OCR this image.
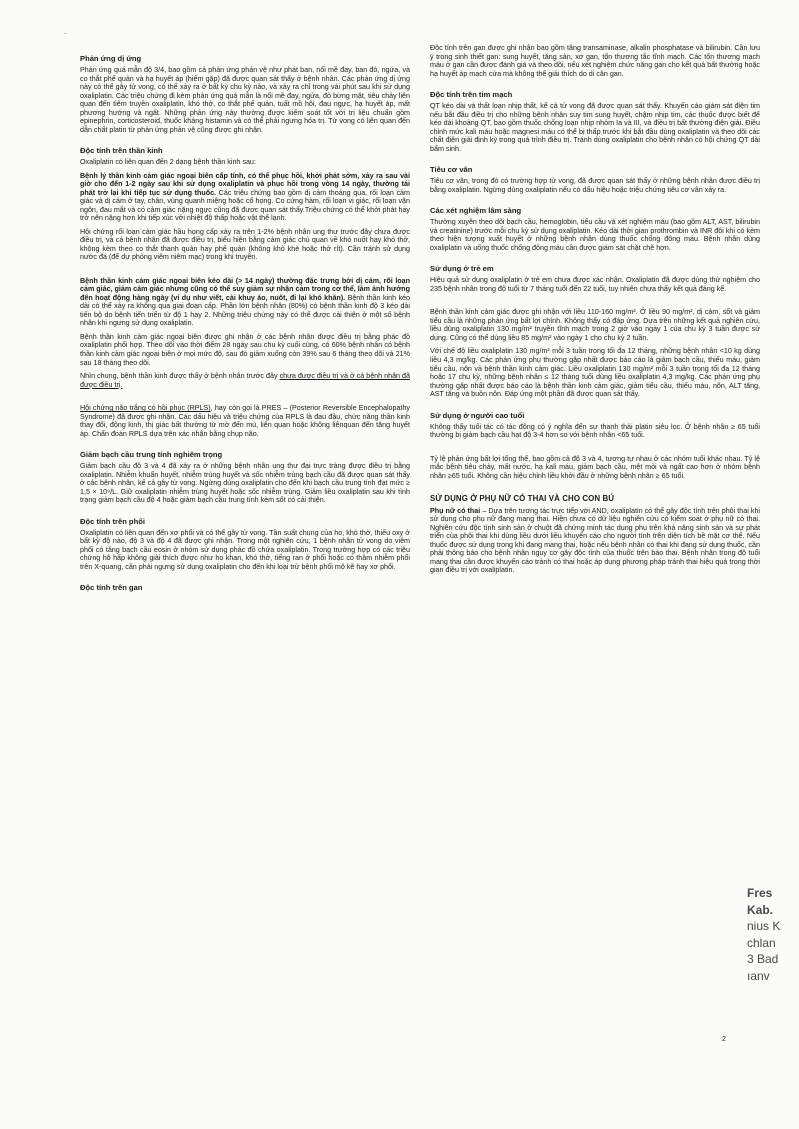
..
Phản ứng dị ứng

Phản ứng quá mẫn độ 3/4, bao gồm cả phản ứng phản vệ như phát ban, nổi mề đay, ban đỏ, ngứa, và co thắt phế quản và hạ huyết áp (hiếm gặp) đã được quan sát thấy ở bệnh nhân. Các phản ứng dị ứng này có thể gây tử vong, có thể xảy ra ở bất kỳ chu kỳ nào, và xảy ra chỉ trong vài phút sau khi sử dụng oxaliplatin. Các triệu chứng đi kèm phản ứng quá mẫn là nổi mề đay, ngứa, đỏ bừng mặt, tiêu chảy liên quan đến tiêm truyền oxaliplatin, khó thở, co thắt phế quản, tuất mồ hôi, đau ngực, hạ huyết áp, mất phương hướng và ngất. Những phản ứng này thường được kiểm soát tốt với trị liệu chuẩn gồm epinephrin, corticosteroid, thuốc kháng histamin và có thể phải ngưng hóa trị. Tử vong có liên quan đến dẫn chất platin từ phản ứng phản vệ cũng được ghi nhận.

Độc tính trên thần kinh

Oxaliplatin có liên quan đến 2 dạng bệnh thần kinh sau:

Bệnh lý thần kinh cảm giác ngoại biên cấp tính, có thể phục hồi, khởi phát sớm, xảy ra sau vài giờ cho đến 1-2 ngày sau khi sử dụng oxaliplatin và phục hồi trong vòng 14 ngày, thường tái phát trở lại khi tiếp tục sử dụng thuốc. Các triệu chứng bao gồm dị cảm thoáng qua, rối loạn cảm giác và dị cảm ở tay, chân, vùng quanh miệng hoặc cổ họng. Co cứng hàm, rối loạn vị giác, rối loạn vận ngôn, đau mắt và có cảm giác nặng ngực cũng đã được quan sát thấy.Triệu chứng có thể khởi phát hay trở nên nặng hơn khi tiếp xúc với nhiệt độ thấp hoặc vật thể lạnh.

Hội chứng rối loạn cảm giác hầu họng cấp xảy ra trên 1-2% bệnh nhân ung thư trước đây chưa được điều trị, và cả bệnh nhân đã được điều trị, biểu hiện bằng cảm giác chủ quan về khó nuốt hay khó thở, không kèm theo co thắt thanh quản hay phế quản (không khò khè hoặc thở rít). Cần tránh sử dụng nước đá (để dự phòng viêm niêm mạc) trong khi truyền.

Bệnh thần kinh cảm giác ngoại biên kéo dài (> 14 ngày) thường đặc trưng bởi dị cảm, rối loạn cảm giác, giảm cảm giác nhưng cũng có thể suy giảm sự nhận cảm trong cơ thể, làm ảnh hưởng đến hoạt động hàng ngày (ví dụ như viết, cài khuy áo, nuốt, đi lại khó khăn). Bệnh thần kinh kéo dài có thể xảy ra không qua giai đoạn cấp. Phần lớn bệnh nhân (80%) có bệnh thần kinh độ 3 kéo dài tiến bộ do bệnh tiến triển từ độ 1 hay 2. Những triệu chứng này có thể được cải thiện ở một số bệnh nhân khi ngưng sử dụng oxaliplatin.

Bệnh thần kinh cảm giác ngoại biên được ghi nhận ở các bệnh nhân được điều trị bằng phác đồ oxaliplatin phối hợp. Theo dõi vào thời điểm 28 ngày sau chu kỳ cuối cùng, có 60% bệnh nhân có bệnh thần kinh cảm giác ngoại biên ở mọi mức độ, sau đó giảm xuống còn 39% sau 6 tháng theo dõi và 21% sau 18 tháng theo dõi.

Nhìn chung, bệnh thần kinh được thấy ở bệnh nhân trước đây chưa được điều trị và ở cả bệnh nhân đã được điều trị.

Hội chứng não trắng có hồi phục (RPLS), hay còn gọi là PRES – (Posterior Reversible Encephalopathy Syndrome) đã được ghi nhận. Các dấu hiệu và triệu chứng của RPLS là đau đầu, chức năng thần kinh thay đổi, động kinh, thị giác bất thường từ mờ đến mù, liên quan hoặc không liênquan đến tăng huyết áp. Chẩn đoán RPLS dựa trên xác nhận bằng chụp não.

Giảm bạch cầu trung tính nghiêm trọng

Giảm bạch cầu độ 3 và 4 đã xảy ra ở những bệnh nhân ung thư đại trực tràng được điều trị bằng oxaliplatin. Nhiễm khuẩn huyết, nhiễm trùng huyết và sốc nhiễm trùng bạch cầu đã được quan sát thấy ở các bệnh nhân, kể cả gây tử vong. Ngừng dùng oxaliplatin cho đến khi bạch cầu trung tính đạt mức ≥ 1,5 × 10⁹/L. Giữ oxaliplatin nhiễm trùng huyết hoặc sốc nhiễm trùng. Giảm liều oxaliplatin sau khi tình trạng giảm bạch cầu độ 4 hoặc giảm bạch cầu trung tính kèm sốt có cải thiện.

Độc tính trên phổi

Oxaliplatin có liên quan đến xơ phổi và có thể gây tử vong. Tần suất chung của ho, khó thở, thiếu oxy ở bất kỳ độ nào, độ 3 và độ 4 đã được ghi nhận. Trong một nghiên cứu, 1 bệnh nhân tử vong do viêm phổi có tăng bạch cầu eosin ở nhóm sử dụng phác đồ chứa oxaliplatin. Trong trường hợp có các triệu chứng hô hấp không giải thích được như ho khan, khó thở, tiếng ran ở phổi hoặc có thâm nhiễm phổi trên X-quang, cần phải ngưng sử dụng oxaliplatin cho đến khi loại trừ bệnh phổi mô kẽ hay xơ phổi.

Độc tính trên gan

Độc tính trên gan được ghi nhận bao gồm tăng transaminase, alkalin phosphatase và bilirubin. Cần lưu ý trong sinh thiết gan: sung huyết, tăng sản, xơ gan, tổn thương tắc tĩnh mạch. Các tổn thương mạch máu ở gan cần được đánh giá và theo dõi, nếu xét nghiệm chức năng gan cho kết quả bất thường hoặc hạ huyết áp mạch cửa mà không thể giải thích do di căn gan.

Độc tính trên tim mạch

QT kéo dài và thất loạn nhịp thất, kể cả tử vong đã được quan sát thấy. Khuyến cáo giám sát điện tim nếu bắt đầu điều trị cho những bệnh nhân suy tim sung huyết, chậm nhịp tim, các thuốc được biết để kéo dài khoảng QT, bao gồm thuốc chống loạn nhịp nhóm Ia và III, và điều trị bất thường điện giải. Điều chỉnh mức kali máu hoặc magnesi máu có thể bị thấp trước khi bắt đầu dùng oxaliplatin và theo dõi các chất điện giải định kỳ trong quá trình điều trị. Tránh dùng oxaliplatin cho bệnh nhân có hội chứng QT dài bẩm sinh.

Tiêu cơ vân

Tiêu cơ vân, trong đó có trường hợp tử vong, đã được quan sát thấy ở những bệnh nhân được điều trị bằng oxaliplatin. Ngừng dùng oxaliplatin nếu có dấu hiệu hoặc triệu chứng tiêu cơ vân xảy ra.

Các xét nghiệm lâm sàng

Thường xuyên theo dõi bạch cầu, hemoglobin, tiểu cầu và xét nghiệm máu (bao gồm ALT, AST, bilirubin và creatinine) trước mỗi chu kỳ sử dụng oxaliplatin. Kéo dài thời gian prothrombin và INR đôi khi có kèm theo hiện tượng xuất huyết ở những bệnh nhân dùng thuốc chống đông máu. Bệnh nhân dùng oxaliplatin và uống thuốc chống đông máu cần được giám sát chặt chẽ hơn.

Sử dụng ở trẻ em

Hiệu quả sử dụng oxaliplatin ở trẻ em chưa được xác nhận. Oxaliplatin đã được dùng thử nghiệm cho 235 bệnh nhân trong độ tuổi từ 7 tháng tuổi đến 22 tuổi, tuy nhiên chưa thấy kết quả đáng kể.

Bệnh thần kinh cảm giác được ghi nhận với liều 110-160 mg/m². Ở liều 90 mg/m², dị cảm, sốt và giảm tiểu cầu là những phản ứng bất lợi chính. Không thấy có đáp ứng. Dựa trên những kết quả nghiên cứu, liều dùng oxaliplatin 130 mg/m² truyền tĩnh mạch trong 2 giờ vào ngày 1 của chu kỳ 3 tuần được sử dụng. Cũng có thể dùng liều 85 mg/m² vào ngày 1 cho chu kỳ 2 tuần.

Với chế độ liều oxaliplatin 130 mg/m² mỗi 3 tuần trong tối đa 12 tháng, những bệnh nhân <10 kg dùng liều 4,3 mg/kg. Các phản ứng phụ thường gặp nhất được báo cáo là giảm bạch cầu, thiếu máu, giảm tiểu cầu, nôn và bệnh thần kinh cảm giác. Liều oxaliplatin 130 mg/m² mỗi 3 tuần trong tối đa 12 tháng hoặc 17 chu kỳ, những bệnh nhân ≤ 12 tháng tuổi dùng liều oxaliplatin 4,3 mg/kg. Các phản ứng phụ thường gặp nhất được báo cáo là bệnh thần kinh cảm giác, giảm tiểu cầu, thiếu máu, nôn, ALT tăng, AST tăng và buồn nôn. Đáp ứng một phần đã được quan sát thấy.

Sử dụng ở người cao tuổi

Không thấy tuổi tác có tác động có ý nghĩa đến sự thanh thải platin siêu lọc. Ở bệnh nhân ≥ 65 tuổi thường bị giảm bạch cầu hạt độ 3-4 hơn so với bệnh nhân <65 tuổi.

Tỷ lệ phản ứng bất lợi tổng thể, bao gồm cả độ 3 và 4, tương tự nhau ở các nhóm tuổi khác nhau. Tỷ lệ mắc bệnh tiêu chảy, mất nước, hạ kali máu, giảm bạch cầu, mệt mỏi và ngất cao hơn ở nhóm bệnh nhân ≥65 tuổi. Không cần hiệu chỉnh liều khởi đầu ở những bệnh nhân ≥ 65 tuổi.

SỬ DỤNG Ở PHỤ NỮ CÓ THAI VÀ CHO CON BÚ

Phụ nữ có thai – Dựa trên tương tác trực tiếp với AND, oxaliplatin có thể gây độc tính trên phôi thai khi sử dụng cho phụ nữ đang mang thai. Hiện chưa có dữ liệu nghiên cứu có kiểm soát ở phụ nữ có thai. Nghiên cứu độc tính sinh sản ở chuột đã chứng minh tác dụng phụ trên khả năng sinh sản và sự phát triển của phôi thai khi dùng liều dưới liều khuyến cáo cho người tính trên diện tích bề mặt cơ thể. Nếu thuốc được sử dụng trong khi đang mang thai, hoặc nếu bệnh nhân có thai khi đang sử dụng thuốc, cần phải thông báo cho bệnh nhân nguy cơ gây độc tính của thuốc trên bào thai. Bệnh nhân trong độ tuổi mang thai cần được khuyến cáo tránh có thai hoặc áp dụng phương pháp tránh thai hiệu quả trong thời gian điều trị với oxaliplatin.

2
Fres
Kab.
nius K
chlan
3 Bad
ıanv
